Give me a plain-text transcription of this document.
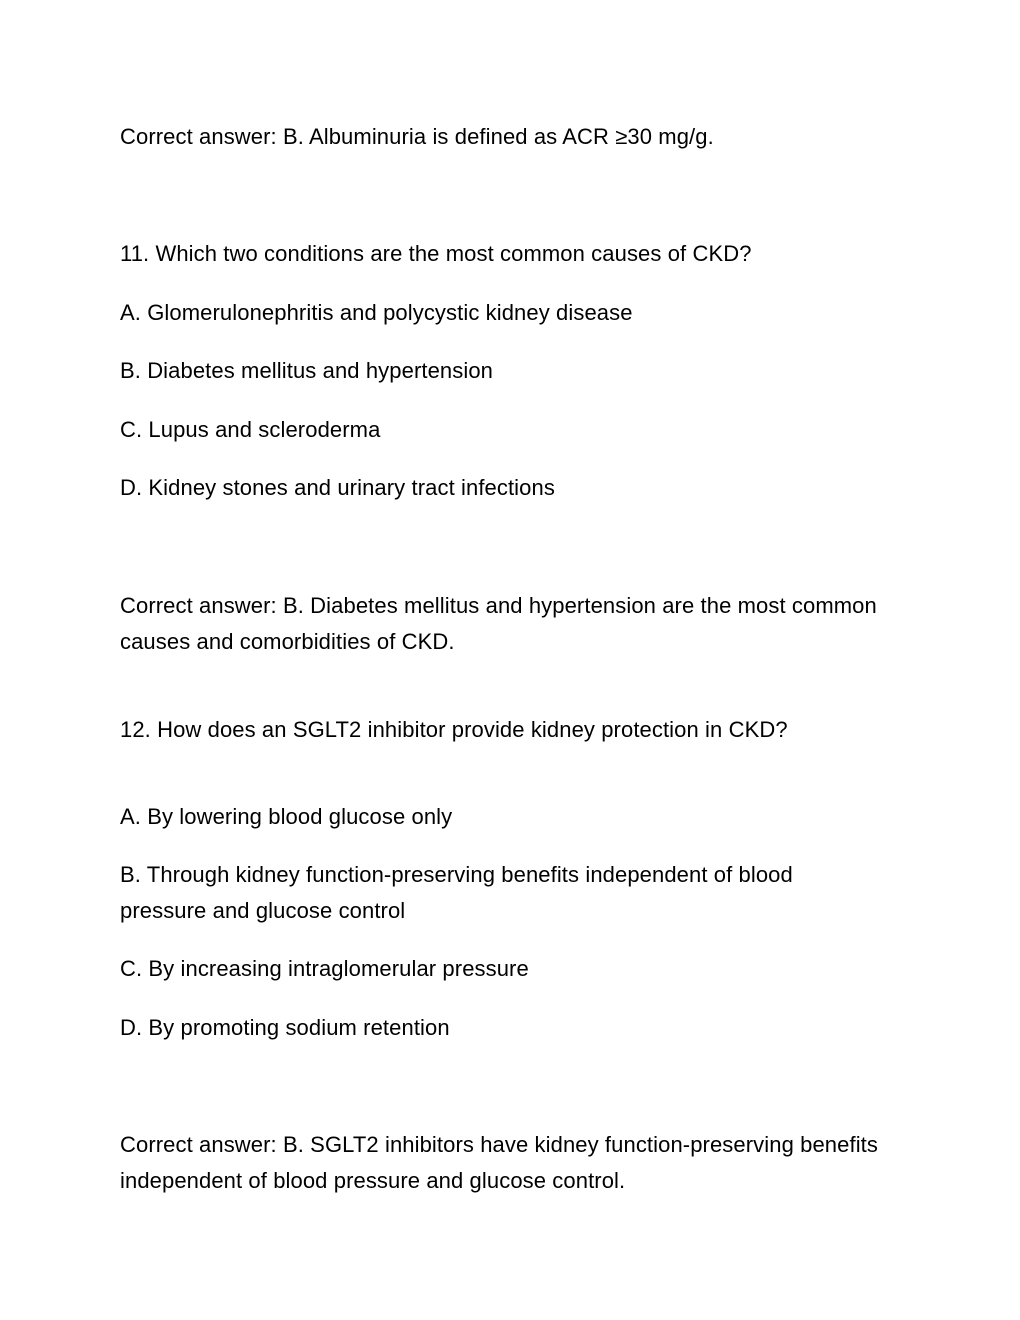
Correct answer: B. Albuminuria is defined as ACR ≥30 mg/g.

11. Which two conditions are the most common causes of CKD?

A. Glomerulonephritis and polycystic kidney disease

B. Diabetes mellitus and hypertension

C. Lupus and scleroderma

D. Kidney stones and urinary tract infections

Correct answer: B. Diabetes mellitus and hypertension are the most common causes and comorbidities of CKD.

12. How does an SGLT2 inhibitor provide kidney protection in CKD?

A. By lowering blood glucose only

B. Through kidney function-preserving benefits independent of blood pressure and glucose control

C. By increasing intraglomerular pressure

D. By promoting sodium retention

Correct answer: B. SGLT2 inhibitors have kidney function-preserving benefits independent of blood pressure and glucose control.
